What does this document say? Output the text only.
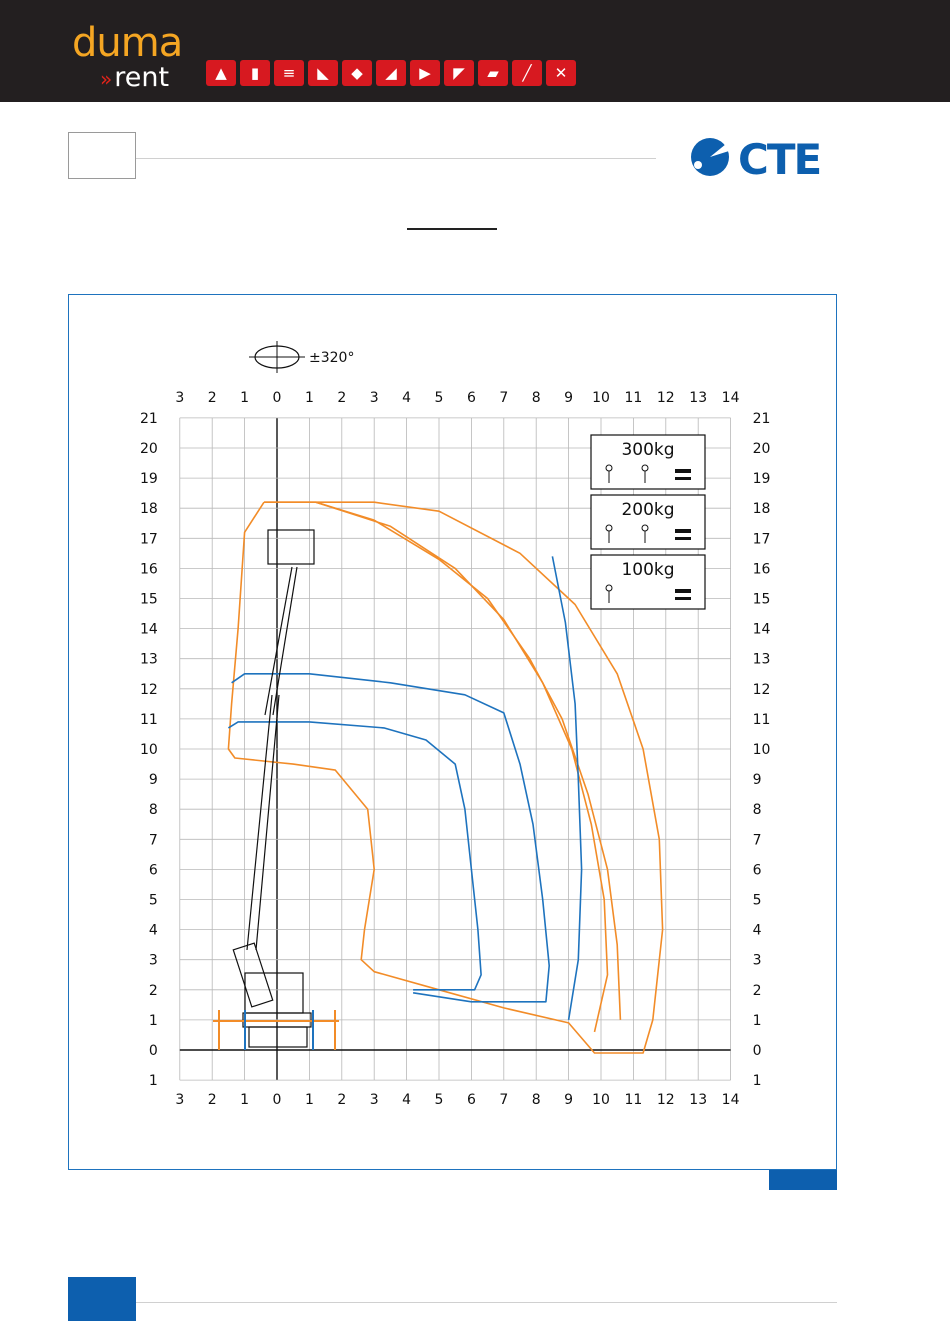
duma
»rent	▲	▮	≡	◣	◆	◢	▶	◤	▰	╱	✕
CTE
3
3
2
2
1
1
0
0
1
1
2
2
3
3
4
4
5
5
6
6
7
7
8
8
9
9
10
10
11
11
12
12
13
13
14
14
21	21
20	20
19	19
18	18
17	17
16	16
15	15
14	14
13	13
12	12
11	11
10	10
9	9
8	8
7	7
6	6
5	5
4	4
3	3
2	2
1	1
0	0
1	1
±320°
300kg
200kg
100kg
